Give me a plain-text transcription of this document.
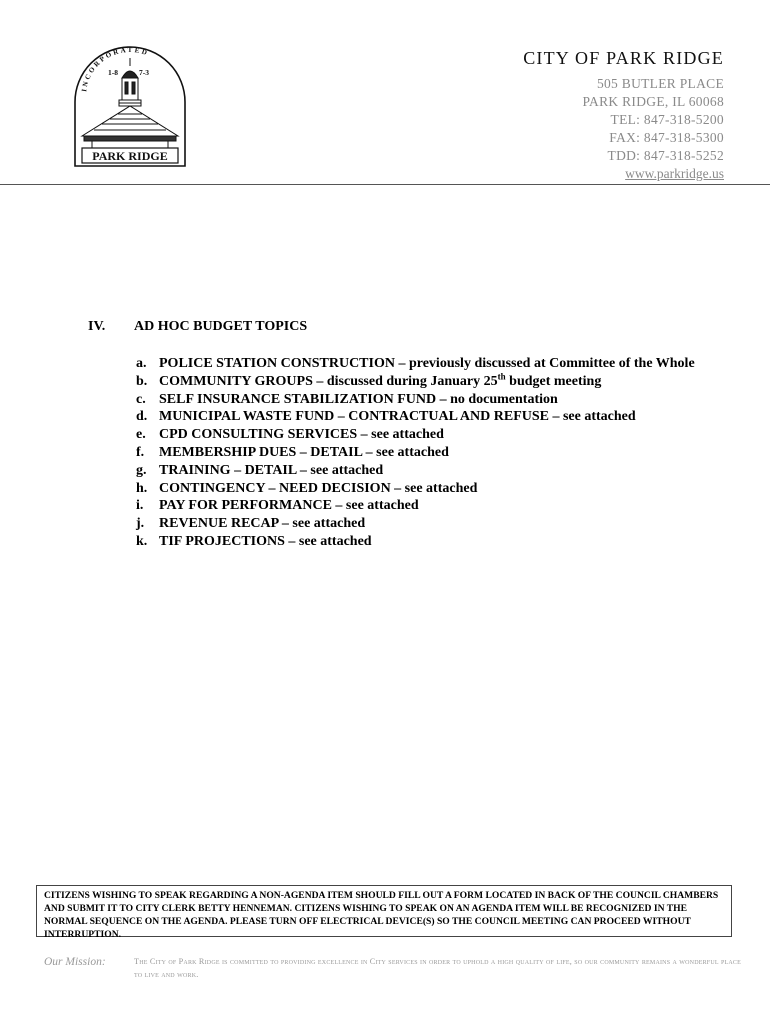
INCORPORATED
1-8	7-3
PARK RIDGE
CITY OF PARK RIDGE
505 BUTLER PLACE
PARK RIDGE, IL 60068
TEL: 847-318-5200
FAX: 847-318-5300
TDD: 847-318-5252
www.parkridge.us
IV. AD HOC BUDGET TOPICS
a. POLICE STATION CONSTRUCTION – previously discussed at Committee of the Whole
b. COMMUNITY GROUPS – discussed during January 25th budget meeting
c. SELF INSURANCE STABILIZATION FUND – no documentation
d. MUNICIPAL WASTE FUND – CONTRACTUAL AND REFUSE – see attached
e. CPD CONSULTING SERVICES – see attached
f.	MEMBERSHIP DUES – DETAIL – see attached
g. TRAINING – DETAIL – see attached
h. CONTINGENCY – NEED DECISION – see attached
i.	PAY FOR PERFORMANCE – see attached
j.	REVENUE RECAP – see attached
k. TIF PROJECTIONS – see attached
CITIZENS WISHING TO SPEAK REGARDING A NON-AGENDA ITEM SHOULD FILL OUT A FORM LOCATED IN BACK OF THE COUNCIL CHAMBERS AND SUBMIT IT TO CITY CLERK BETTY HENNEMAN. CITIZENS WISHING TO SPEAK ON AN AGENDA ITEM WILL BE RECOGNIZED IN THE NORMAL SEQUENCE ON THE AGENDA. PLEASE TURN OFF ELECTRICAL DEVICE(S) SO THE COUNCIL MEETING CAN PROCEED WITHOUT INTERRUPTION.
Our Mission:	The City of Park Ridge is committed to providing excellence in City services in order to uphold a high quality of life, so our community remains a wonderful place to live and work.
